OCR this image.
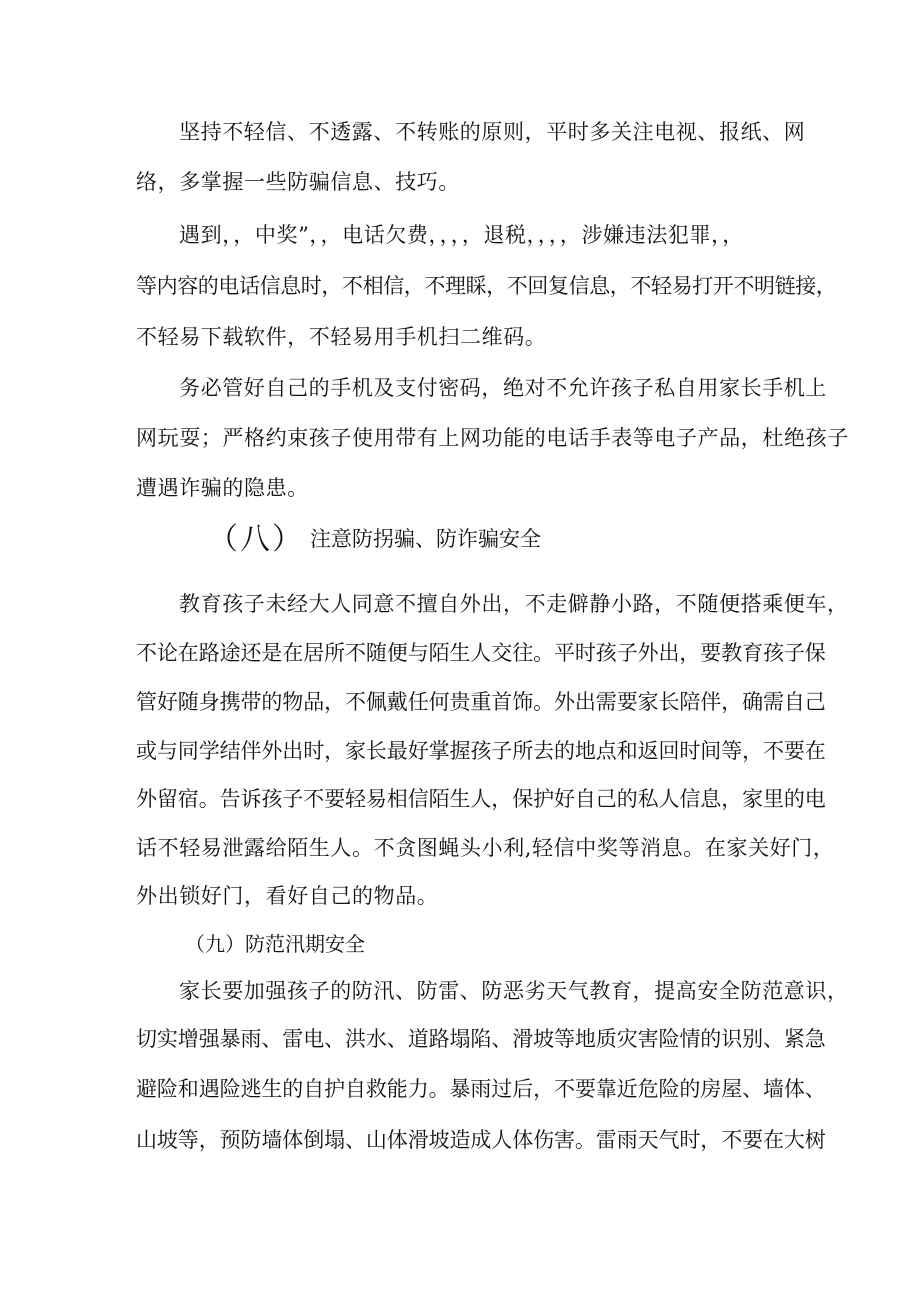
坚持不轻信、不透露、不转账的原则，平时多关注电视、报纸、网
络，多掌握一些防骗信息、技巧。
遇到，，中奖”，，电话欠费，，，，退税，，，，涉嫌违法犯罪，，
等内容的电话信息时，不相信，不理睬，不回复信息，不轻易打开不明链接，
不轻易下载软件，不轻易用手机扫二维码。
务必管好自己的手机及支付密码，绝对不允许孩子私自用家长手机上
网玩耍；严格约束孩子使用带有上网功能的电话手表等电子产品，杜绝孩子
遭遇诈骗的隐患。
（八） 注意防拐骗、防诈骗安全
教育孩子未经大人同意不擅自外出，不走僻静小路，不随便搭乘便车，
不论在路途还是在居所不随便与陌生人交往。平时孩子外出，要教育孩子保
管好随身携带的物品，不佩戴任何贵重首饰。外出需要家长陪伴，确需自己
或与同学结伴外出时，家长最好掌握孩子所去的地点和返回时间等，不要在
外留宿。告诉孩子不要轻易相信陌生人，保护好自己的私人信息，家里的电
话不轻易泄露给陌生人。不贪图蝇头小利,轻信中奖等消息。在家关好门，
外出锁好门，看好自己的物品。
（九）防范汛期安全
家长要加强孩子的防汛、防雷、防恶劣天气教育，提高安全防范意识，
切实增强暴雨、雷电、洪水、道路塌陷、滑坡等地质灾害险情的识别、紧急
避险和遇险逃生的自护自救能力。暴雨过后，不要靠近危险的房屋、墙体、
山坡等，预防墙体倒塌、山体滑坡造成人体伤害。雷雨天气时，不要在大树
